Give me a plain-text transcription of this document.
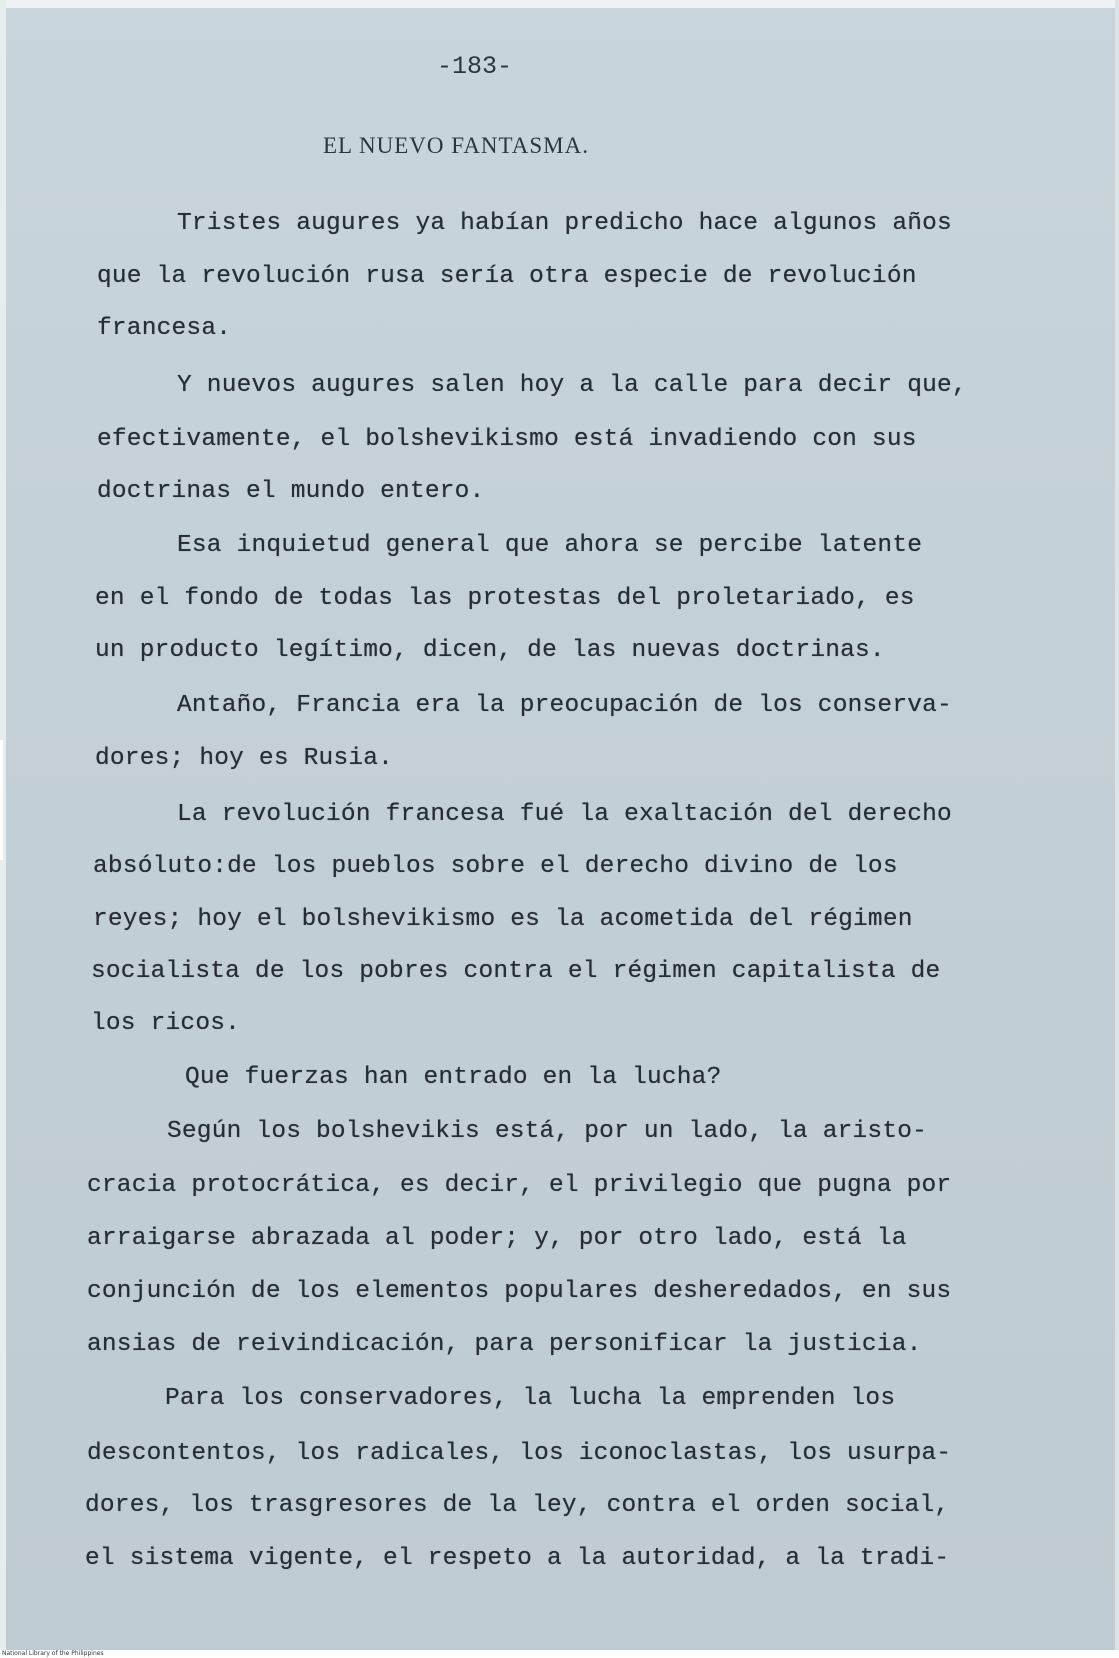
-183-
EL NUEVO FANTASMA.
Tristes augures ya habían predicho hace algunos años
que la revolución rusa sería otra especie de revolución
francesa.
Y nuevos augures salen hoy a la calle para decir que,
efectivamente, el bolshevikismo está invadiendo con sus
doctrinas el mundo entero.
Esa inquietud general que ahora se percibe latente
en el fondo de todas las protestas del proletariado, es
un producto legítimo, dicen, de las nuevas doctrinas.
Antaño, Francia era la preocupación de los conserva-
dores; hoy es Rusia.
La revolución francesa fué la exaltación del derecho
absóluto:de los pueblos sobre el derecho divino de los
reyes; hoy el bolshevikismo es la acometida del régimen
socialista de los pobres contra el régimen capitalista de
los ricos.
Que fuerzas han entrado en la lucha?
Según los bolshevikis está, por un lado, la aristo-
cracia protocrática, es decir, el privilegio que pugna por
arraigarse abrazada al poder; y, por otro lado, está la
conjunción de los elementos populares desheredados, en sus
ansias de reivindicación, para personificar la justicia.
Para los conservadores, la lucha la emprenden los
descontentos, los radicales, los iconoclastas, los usurpa-
dores, los trasgresores de la ley, contra el orden social,
el sistema vigente, el respeto a la autoridad, a la tradi-
National Library of the Philippines
